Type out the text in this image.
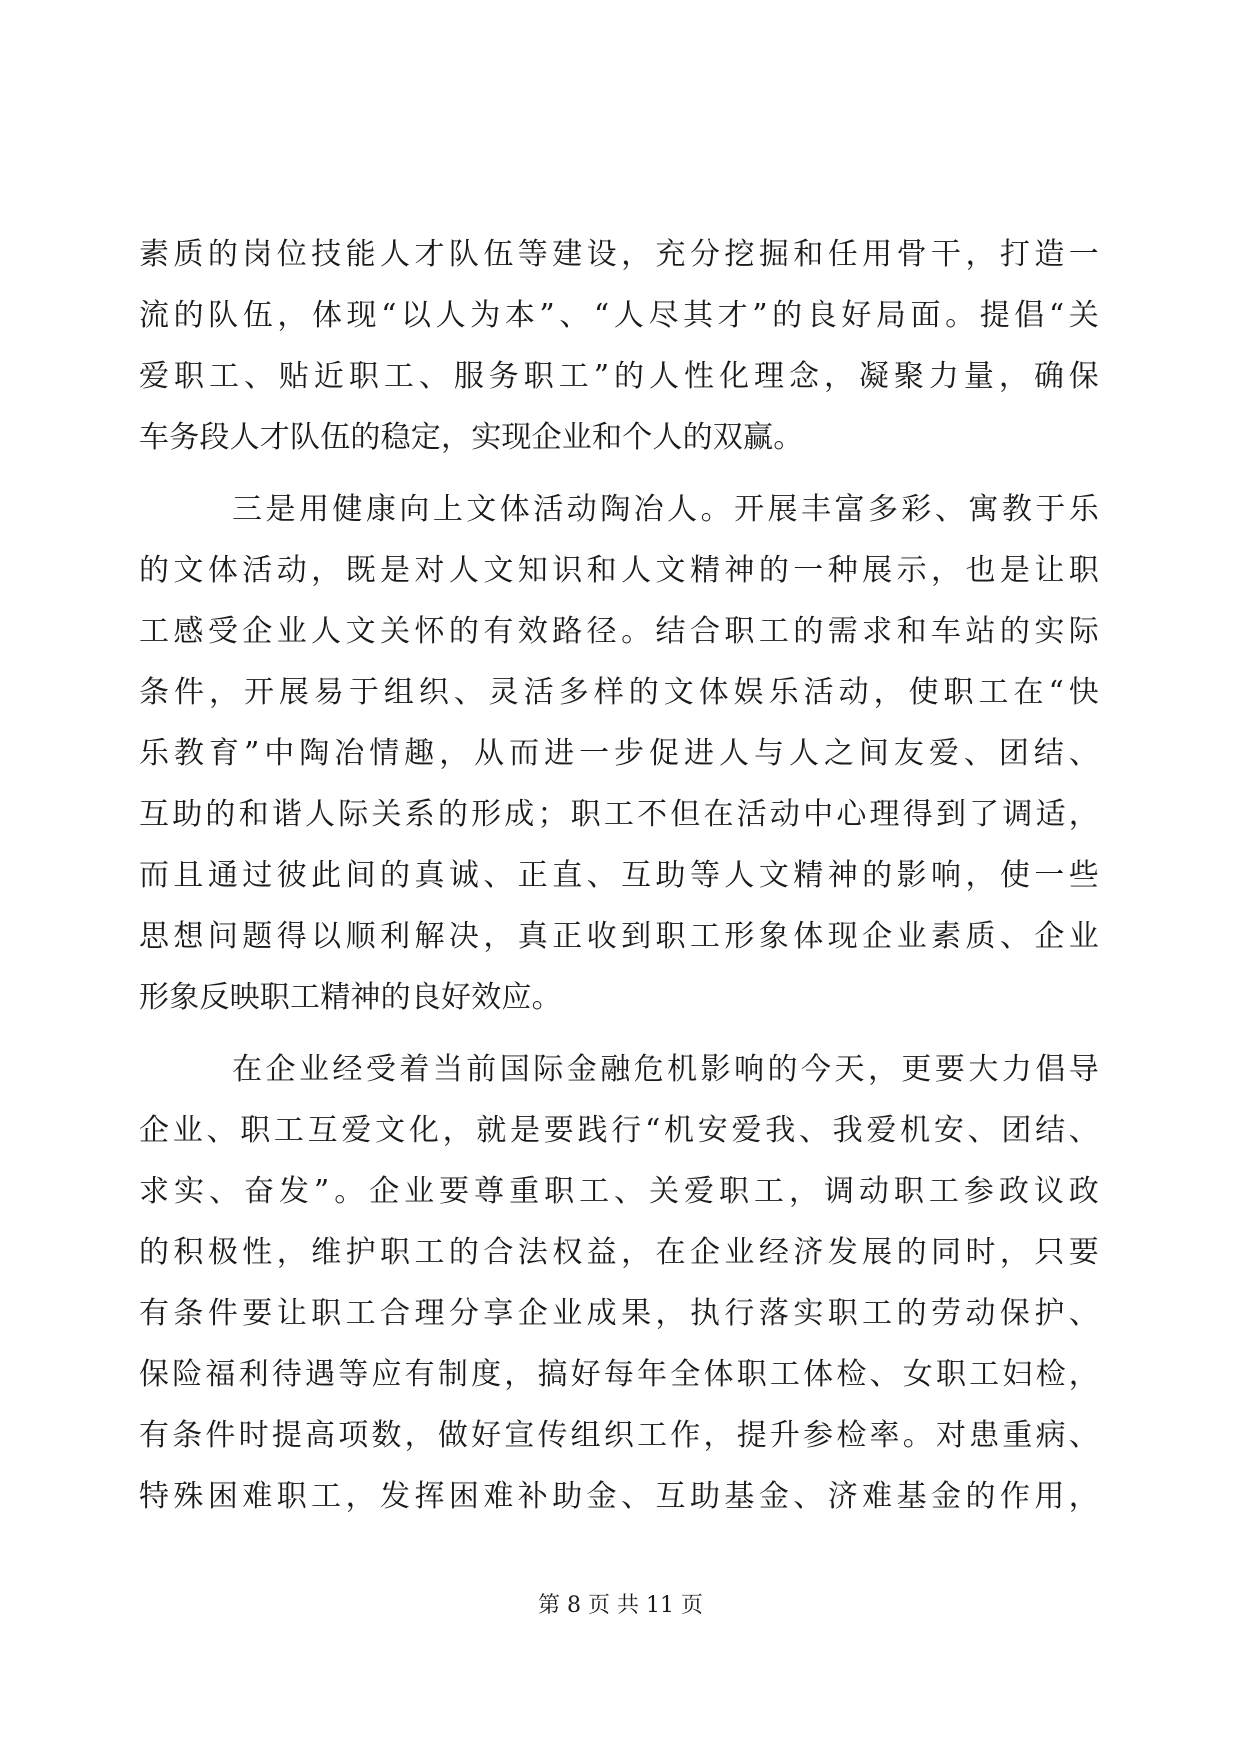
素质的岗位技能人才队伍等建设，充分挖掘和任用骨干，打造一
流的队伍，体现“以人为本”、“人尽其才”的良好局面。提倡“关
爱职工、贴近职工、服务职工”的人性化理念，凝聚力量，确保
车务段人才队伍的稳定，实现企业和个人的双赢。
三是用健康向上文体活动陶冶人。开展丰富多彩、寓教于乐
的文体活动，既是对人文知识和人文精神的一种展示，也是让职
工感受企业人文关怀的有效路径。结合职工的需求和车站的实际
条件，开展易于组织、灵活多样的文体娱乐活动，使职工在“快
乐教育”中陶冶情趣，从而进一步促进人与人之间友爱、团结、
互助的和谐人际关系的形成；职工不但在活动中心理得到了调适，
而且通过彼此间的真诚、正直、互助等人文精神的影响，使一些
思想问题得以顺利解决，真正收到职工形象体现企业素质、企业
形象反映职工精神的良好效应。
在企业经受着当前国际金融危机影响的今天，更要大力倡导
企业、职工互爱文化，就是要践行“机安爱我、我爱机安、团结、
求实、奋发”。企业要尊重职工、关爱职工，调动职工参政议政
的积极性，维护职工的合法权益，在企业经济发展的同时，只要
有条件要让职工合理分享企业成果，执行落实职工的劳动保护、
保险福利待遇等应有制度，搞好每年全体职工体检、女职工妇检，
有条件时提高项数，做好宣传组织工作，提升参检率。对患重病、
特殊困难职工，发挥困难补助金、互助基金、济难基金的作用，
第 8 页 共 11 页
